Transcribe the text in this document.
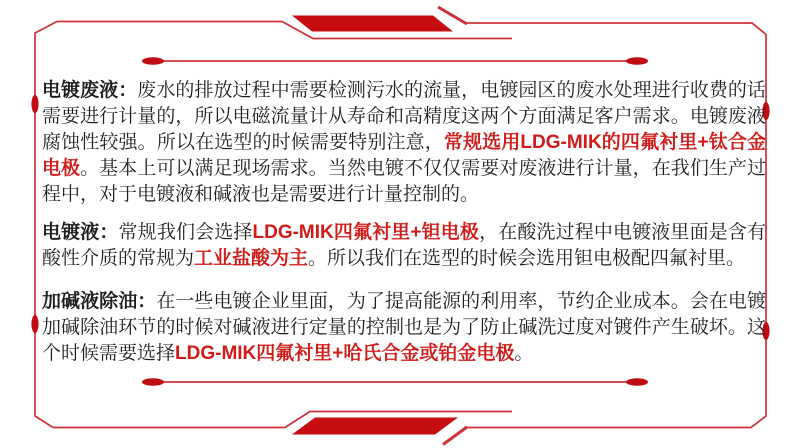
电镀废液：废水的排放过程中需要检测污水的流量，电镀园区的废水处理进行收费的话需要进行计量的，所以电磁流量计从寿命和高精度这两个方面满足客户需求。电镀废液腐蚀性较强。所以在选型的时候需要特别注意，常规选用LDG-MIK的四氟衬里+钛合金电极。基本上可以满足现场需求。当然电镀不仅仅需要对废液进行计量，在我们生产过程中，对于电镀液和碱液也是需要进行计量控制的。

电镀液：常规我们会选择LDG-MIK四氟衬里+钽电极，在酸洗过程中电镀液里面是含有酸性介质的常规为工业盐酸为主。所以我们在选型的时候会选用钽电极配四氟衬里。

加碱液除油：在一些电镀企业里面，为了提高能源的利用率，节约企业成本。会在电镀加碱除油环节的时候对碱液进行定量的控制也是为了防止碱洗过度对镀件产生破坏。这个时候需要选择LDG-MIK四氟衬里+哈氏合金或铂金电极。
